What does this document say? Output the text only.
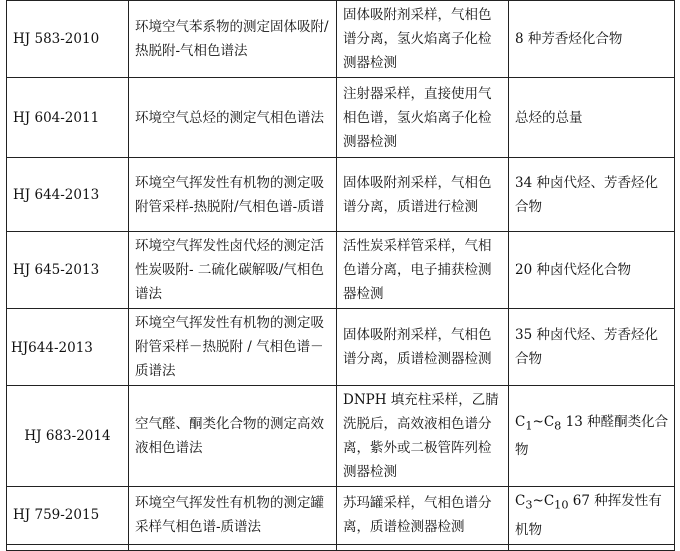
HJ 583-2010	环境空气苯系物的测定固体吸附/热脱附-气相色谱法	固体吸附剂采样，气相色谱分离，氢火焰离子化检测器检测	8 种芳香烃化合物
HJ 604-2011	环境空气总烃的测定气相色谱法	注射器采样，直接使用气相色谱，氢火焰离子化检测器检测	总烃的总量
HJ 644-2013	环境空气挥发性有机物的测定吸附管采样-热脱附/气相色谱-质谱	固体吸附剂采样，气相色谱分离，质谱进行检测	34 种卤代烃、芳香烃化合物
HJ 645-2013	环境空气挥发性卤代烃的测定活性炭吸附- 二硫化碳解吸/气相色谱法	活性炭采样管采样，气相色谱分离，电子捕获检测器检测	20 种卤代烃化合物
HJ644-2013	环境空气挥发性有机物的测定吸附管采样－热脱附 / 气相色谱－质谱法	固体吸附剂采样，气相色谱分离，质谱检测器检测	35 种卤代烃、芳香烃化合物
HJ 683-2014	空气醛、酮类化合物的测定高效液相色谱法	DNPH 填充柱采样，乙腈洗脱后，高效液相色谱分离，紫外或二极管阵列检测器检测	$C_1\sim C_8$ 13 种醛酮类化合物
HJ 759-2015	环境空气挥发性有机物的测定罐采样气相色谱-质谱法	苏玛罐采样，气相色谱分离，质谱检测器检测	$C_3\sim C_{10}$ 67 种挥发性有机物
